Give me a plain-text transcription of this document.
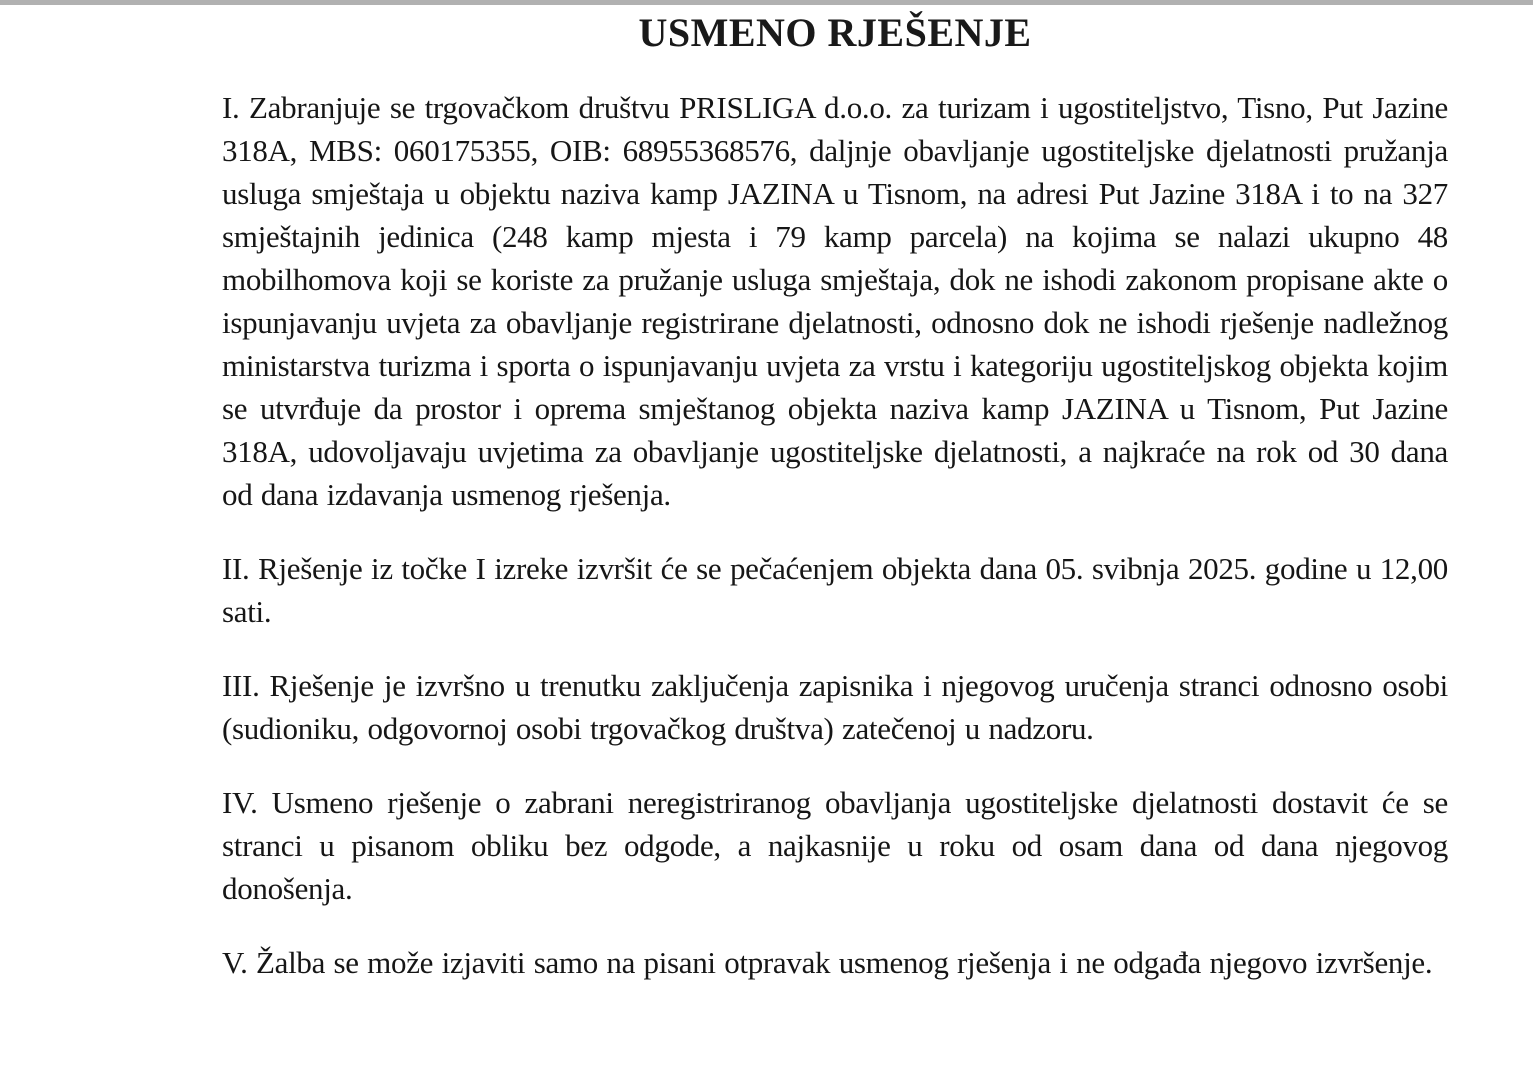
USMENO RJEŠENJE

I. Zabranjuje se trgovačkom društvu PRISLIGA d.o.o. za turizam i ugostiteljstvo, Tisno, Put Jazine 318A, MBS: 060175355, OIB: 68955368576, daljnje obavljanje ugostiteljske djelatnosti pružanja usluga smještaja u objektu naziva kamp JAZINA u Tisnom, na adresi Put Jazine 318A i to na 327 smještajnih jedinica (248 kamp mjesta i 79 kamp parcela) na kojima se nalazi ukupno 48 mobilhomova koji se koriste za pružanje usluga smještaja, dok ne ishodi zakonom propisane akte o ispunjavanju uvjeta za obavljanje registrirane djelatnosti, odnosno dok ne ishodi rješenje nadležnog ministarstva turizma i sporta o ispunjavanju uvjeta za vrstu i kategoriju ugostiteljskog objekta kojim se utvrđuje da prostor i oprema smještanog objekta naziva kamp JAZINA u Tisnom, Put Jazine 318A, udovoljavaju uvjetima za obavljanje ugostiteljske djelatnosti, a najkraće na rok od 30 dana od dana izdavanja usmenog rješenja.

II. Rješenje iz točke I izreke izvršit će se pečaćenjem objekta dana 05. svibnja 2025. godine u 12,00 sati.

III. Rješenje je izvršno u trenutku zaključenja zapisnika i njegovog uručenja stranci odnosno osobi (sudioniku, odgovornoj osobi trgovačkog društva) zatečenoj u nadzoru.

IV. Usmeno rješenje o zabrani neregistriranog obavljanja ugostiteljske djelatnosti dostavit će se stranci u pisanom obliku bez odgode, a najkasnije u roku od osam dana od dana njegovog donošenja.

V. Žalba se može izjaviti samo na pisani otpravak usmenog rješenja i ne odgađa njegovo izvršenje.
